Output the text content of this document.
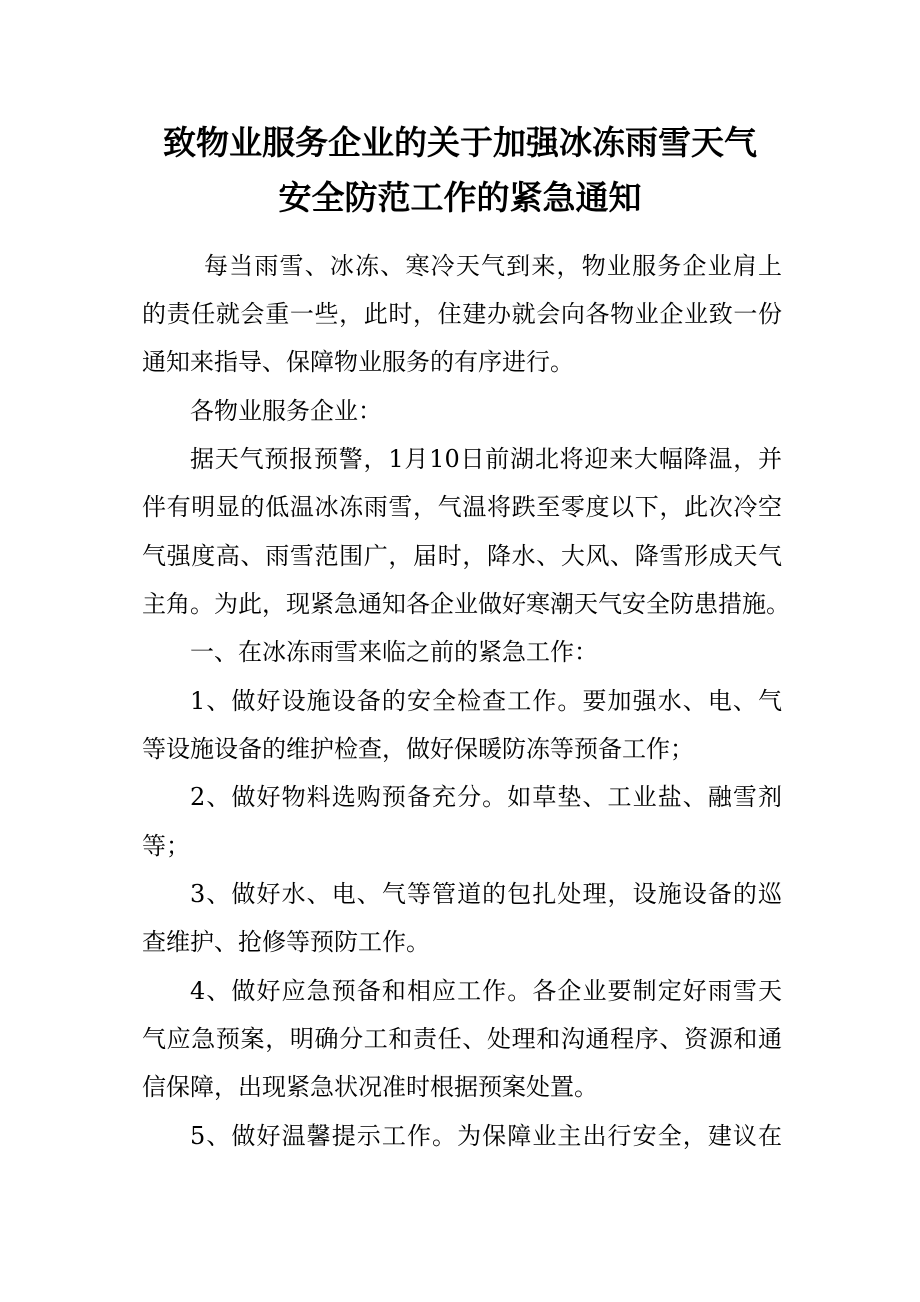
致物业服务企业的关于加强冰冻雨雪天气
安全防范工作的紧急通知
每当雨雪、冰冻、寒冷天气到来，物业服务企业肩上
的责任就会重一些，此时，住建办就会向各物业企业致一份
通知来指导、保障物业服务的有序进行。
各物业服务企业：
据天气预报预警，1月10日前湖北将迎来大幅降温，并
伴有明显的低温冰冻雨雪，气温将跌至零度以下，此次冷空
气强度高、雨雪范围广，届时，降水、大风、降雪形成天气
主角。为此，现紧急通知各企业做好寒潮天气安全防患措施。
一、在冰冻雨雪来临之前的紧急工作：
1、做好设施设备的安全检查工作。要加强水、电、气
等设施设备的维护检查，做好保暖防冻等预备工作；
2、做好物料选购预备充分。如草垫、工业盐、融雪剂
等；
3、做好水、电、气等管道的包扎处理，设施设备的巡
查维护、抢修等预防工作。
4、做好应急预备和相应工作。各企业要制定好雨雪天
气应急预案，明确分工和责任、处理和沟通程序、资源和通
信保障，出现紧急状况准时根据预案处置。
5、做好温馨提示工作。为保障业主出行安全，建议在
